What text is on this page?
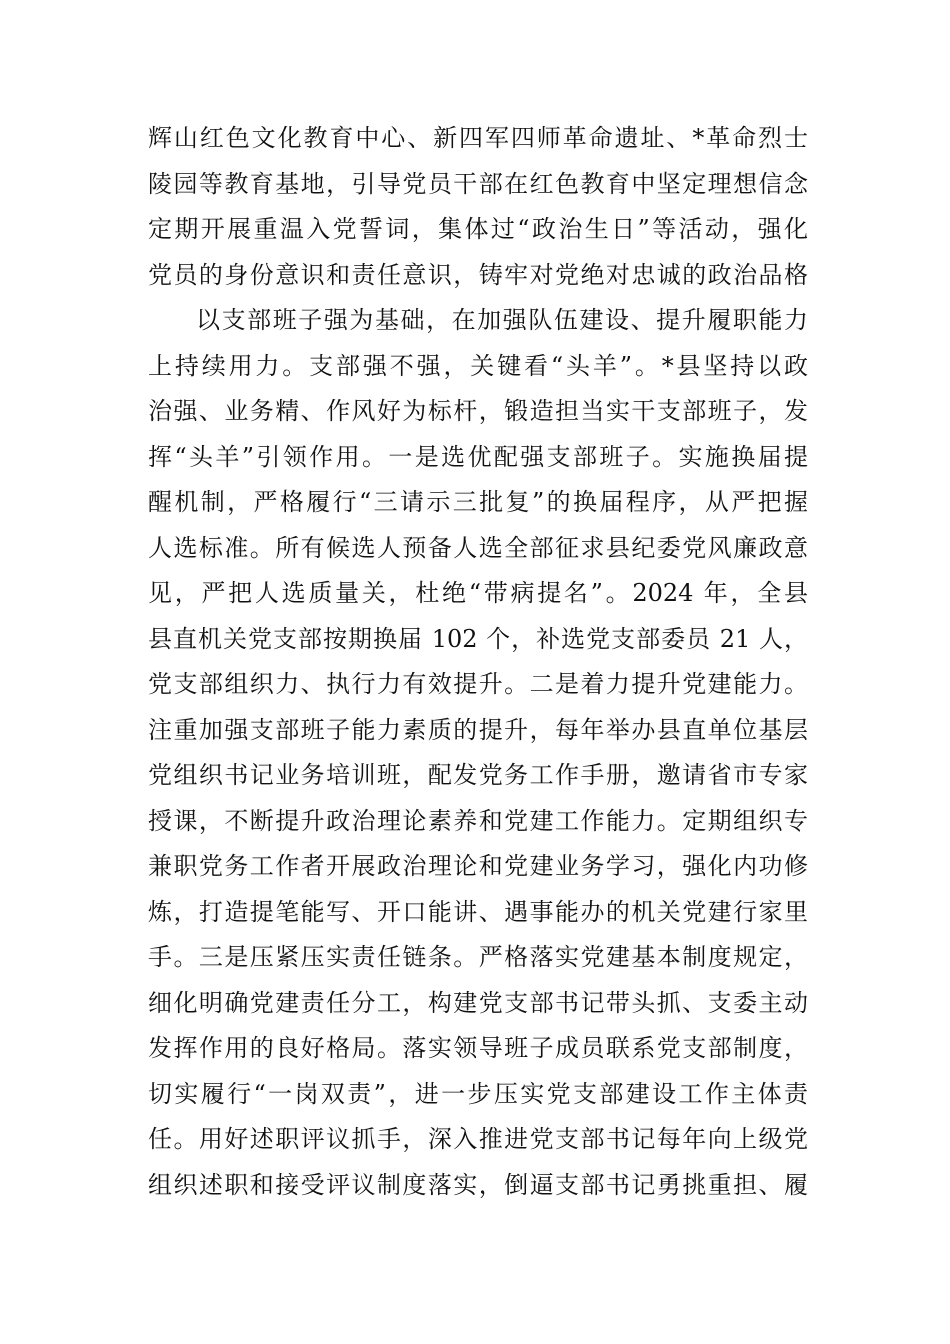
辉山红色文化教育中心、新四军四师革命遗址、*革命烈士
陵园等教育基地，引导党员干部在红色教育中坚定理想信念
定期开展重温入党誓词，集体过“政治生日”等活动，强化
党员的身份意识和责任意识，铸牢对党绝对忠诚的政治品格
以支部班子强为基础，在加强队伍建设、提升履职能力
上持续用力。支部强不强，关键看“头羊”。*县坚持以政
治强、业务精、作风好为标杆，锻造担当实干支部班子，发
挥“头羊”引领作用。一是选优配强支部班子。实施换届提
醒机制，严格履行“三请示三批复”的换届程序，从严把握
人选标准。所有候选人预备人选全部征求县纪委党风廉政意
见，严把人选质量关，杜绝“带病提名”。2024 年，全县
县直机关党支部按期换届 102 个，补选党支部委员 21 人，
党支部组织力、执行力有效提升。二是着力提升党建能力。
注重加强支部班子能力素质的提升，每年举办县直单位基层
党组织书记业务培训班，配发党务工作手册，邀请省市专家
授课，不断提升政治理论素养和党建工作能力。定期组织专
兼职党务工作者开展政治理论和党建业务学习，强化内功修
炼，打造提笔能写、开口能讲、遇事能办的机关党建行家里
手。三是压紧压实责任链条。严格落实党建基本制度规定，
细化明确党建责任分工，构建党支部书记带头抓、支委主动
发挥作用的良好格局。落实领导班子成员联系党支部制度，
切实履行“一岗双责”，进一步压实党支部建设工作主体责
任。用好述职评议抓手，深入推进党支部书记每年向上级党
组织述职和接受评议制度落实，倒逼支部书记勇挑重担、履
